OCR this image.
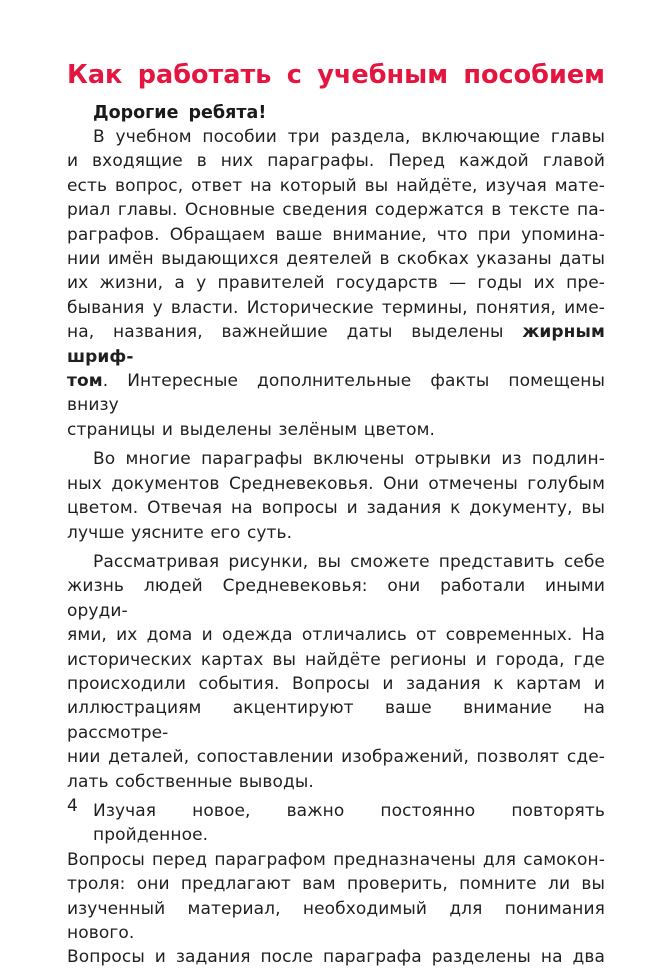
Как работать с учебным пособием
Дорогие ребята!

В учебном пособии три раздела, включающие главы
и входящие в них параграфы. Перед каждой главой
есть вопрос, ответ на который вы найдёте, изучая мате-
риал главы. Основные сведения содержатся в тексте па-
раграфов. Обращаем ваше внимание, что при упомина-
нии имён выдающихся деятелей в скобках указаны даты
их жизни, а у правителей государств — годы их пре-
бывания у власти. Исторические термины, понятия, име-
на, названия, важнейшие даты выделены жирным шриф-
том. Интересные дополнительные факты помещены внизу
страницы и выделены зелёным цветом.

Во многие параграфы включены отрывки из подлин-
ных документов Средневековья. Они отмечены голубым
цветом. Отвечая на вопросы и задания к документу, вы
лучше уясните его суть.

Рассматривая рисунки, вы сможете представить себе
жизнь людей Средневековья: они работали иными оруди-
ями, их дома и одежда отличались от современных. На
исторических картах вы найдёте регионы и города, где
происходили события. Вопросы и задания к картам и
иллюстрациям акцентируют ваше внимание на рассмотре-
нии деталей, сопоставлении изображений, позволят сде-
лать собственные выводы.

Изучая новое, важно постоянно повторять пройденное.
Вопросы перед параграфом предназначены для самокон-
троля: они предлагают вам проверить, помните ли вы
изученный материал, необходимый для понимания нового.
Вопросы и задания после параграфа разделены на два

4
